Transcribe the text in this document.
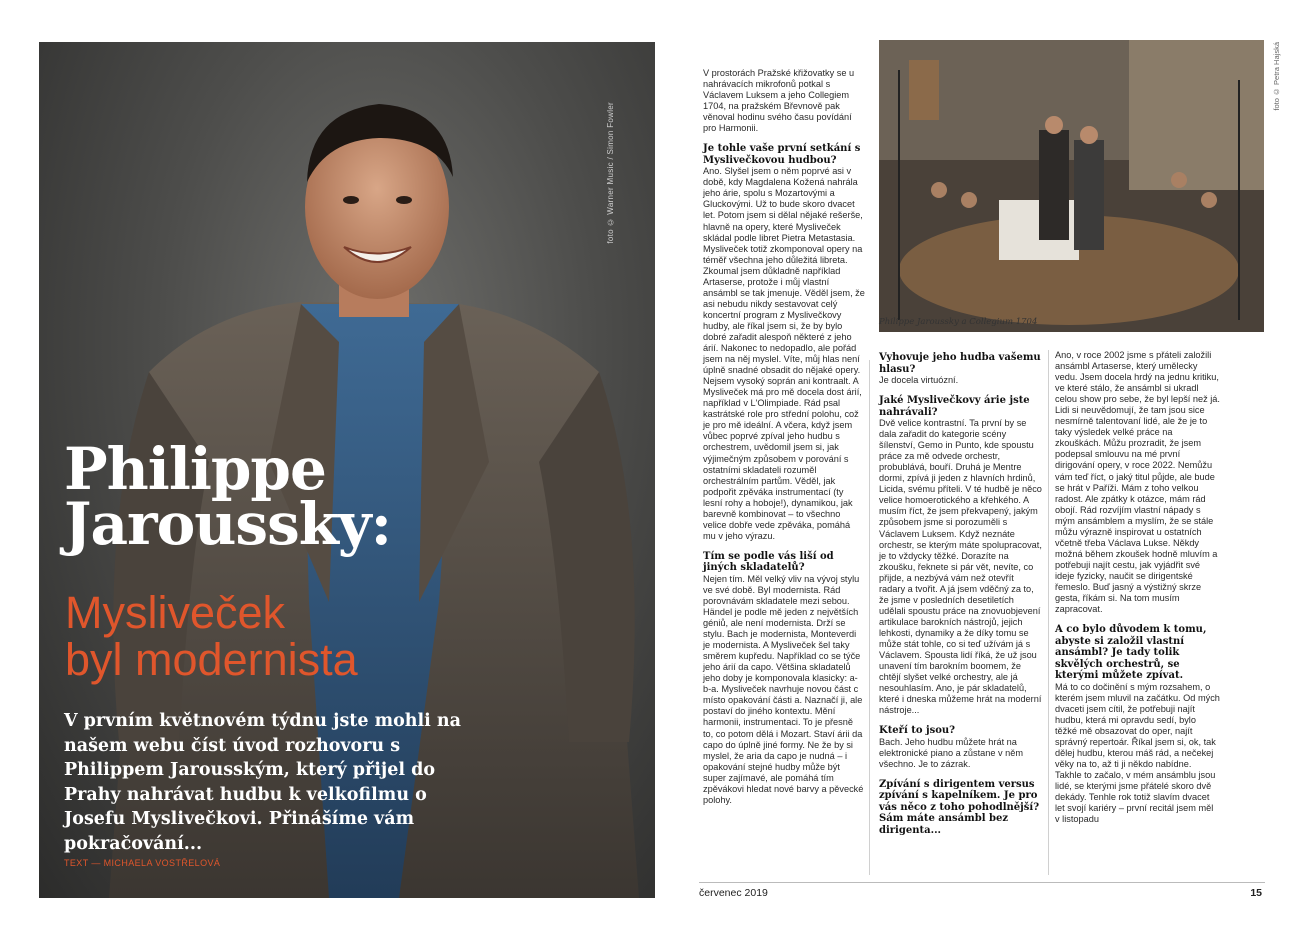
foto © Warner Music / Simon Fowler
Philippe
Jaroussky:
Mysliveček
byl modernista

V prvním květnovém týdnu jste mohli na našem webu číst úvod rozhovoru s Philippem Jarousským, který přijel do Prahy nahrávat hudbu k velkofilmu o Josefu Myslivečkovi. Přinášíme vám pokračování...

TEXT — MICHAELA VOSTŘELOVÁ

V prostorách Pražské křižovatky se u nahrávacích mikrofonů potkal s Václavem Luksem a jeho Collegiem 1704, na pražském Břevnově pak věnoval hodinu svého času povídání pro Harmonii.

Je tohle vaše první setkání s Myslivečkovou hudbou?

Ano. Slyšel jsem o něm poprvé asi v době, kdy Magdalena Kožená nahrála jeho árie, spolu s Mozartovými a Gluckovými. Už to bude skoro dvacet let. Potom jsem si dělal nějaké rešerše, hlavně na opery, které Mysliveček skládal podle libret Pietra Metastasia. Mysliveček totiž zkomponoval opery na téměř všechna jeho důležitá libreta. Zkoumal jsem důkladně například Artaserse, protože i můj vlastní ansámbl se tak jmenuje. Věděl jsem, že asi nebudu nikdy sestavovat celý koncertní program z Myslivečkovy hudby, ale říkal jsem si, že by bylo dobré zařadit alespoň některé z jeho árií. Nakonec to nedopadlo, ale pořád jsem na něj myslel. Víte, můj hlas není úplně snadné obsadit do nějaké opery. Nejsem vysoký soprán ani kontraalt. A Mysliveček má pro mě docela dost árií, například v L'Olimpiade. Rád psal kastrátské role pro střední polohu, což je pro mě ideální. A včera, když jsem vůbec poprvé zpíval jeho hudbu s orchestrem, uvědomil jsem si, jak výjimečným způsobem v porování s ostatními skladateli rozuměl orchestrálním partům. Věděl, jak podpořit zpěváka instrumentací (ty lesní rohy a hoboje!), dynamikou, jak barevně kombinovat – to všechno velice dobře vede zpěváka, pomáhá mu v jeho výrazu.

Tím se podle vás liší od jiných skladatelů?

Nejen tím. Měl velký vliv na vývoj stylu ve své době. Byl modernista. Rád porovnávám skladatele mezi sebou. Händel je podle mě jeden z největších géniů, ale není modernista. Drží se stylu. Bach je modernista, Monteverdi je modernista. A Mysliveček šel taky směrem kupředu. Například co se týče jeho árií da capo. Většina skladatelů jeho doby je komponovala klasicky: a-b-a. Mysliveček navrhuje novou část c místo opakování části a. Naznačí ji, ale postaví do jiného kontextu. Mění harmonii, instrumentaci. To je přesně to, co potom dělá i Mozart. Staví árii da capo do úplně jiné formy. Ne že by si myslel, že aria da capo je nudná – i opakování stejné hudby může být super zajímavé, ale pomáhá tím zpěvákovi hledat nové barvy a pěvecké polohy.

foto © Petra Hajská
Philippe Jaroussky a Collegium 1704

Vyhovuje jeho hudba vašemu hlasu?

Je docela virtuózní.

Jaké Myslivečkovy árie jste nahrávali?

Dvě velice kontrastní. Ta první by se dala zařadit do kategorie scény šílenství, Gemo in Punto, kde spoustu práce za mě odvede orchestr, probublává, bouří. Druhá je Mentre dormi, zpívá ji jeden z hlavních hrdinů, Licida, svému příteli. V té hudbě je něco velice homoerotického a křehkého. A musím říct, že jsem překvapený, jakým způsobem jsme si porozuměli s Václavem Luksem. Když neznáte orchestr, se kterým máte spolupracovat, je to vždycky těžké. Dorazíte na zkoušku, řeknete si pár vět, nevíte, co přijde, a nezbývá vám než otevřít radary a tvořit. A já jsem vděčný za to, že jsme v posledních desetiletích udělali spoustu práce na znovuobjevení artikulace barokních nástrojů, jejich lehkosti, dynamiky a že díky tomu se může stát tohle, co si teď užívám já s Václavem. Spousta lidí říká, že už jsou unavení tím barokním boomem, že chtějí slyšet velké orchestry, ale já nesouhlasím. Ano, je pár skladatelů, které i dneska můžeme hrát na moderní nástroje...

Kteří to jsou?

Bach. Jeho hudbu můžete hrát na elektronické piano a zůstane v něm všechno. Je to zázrak.

Zpívání s dirigentem versus zpívání s kapelníkem. Je pro vás něco z toho pohodlnější? Sám máte ansámbl bez dirigenta...

Ano, v roce 2002 jsme s přáteli založili ansámbl Artaserse, který umělecky vedu. Jsem docela hrdý na jednu kritiku, ve které stálo, že ansámbl si ukradl celou show pro sebe, že byl lepší než já. Lidi si neuvědomují, že tam jsou sice nesmírně talentovaní lidé, ale že je to taky výsledek velké práce na zkouškách. Můžu prozradit, že jsem podepsal smlouvu na mé první dirigování opery, v roce 2022. Nemůžu vám teď říct, o jaký titul půjde, ale bude se hrát v Paříži. Mám z toho velkou radost. Ale zpátky k otázce, mám rád obojí. Rád rozvíjím vlastní nápady s mým ansámblem a myslím, že se stále můžu výrazně inspirovat u ostatních včetně třeba Václava Lukse. Někdy možná během zkoušek hodně mluvím a potřebuji najít cestu, jak vyjádřit své ideje fyzicky, naučit se dirigentské řemeslo. Buď jasný a výstižný skrze gesta, říkám si. Na tom musím zapracovat.

A co bylo důvodem k tomu, abyste si založil vlastní ansámbl? Je tady tolik skvělých orchestrů, se kterými můžete zpívat.

Má to co dočinění s mým rozsahem, o kterém jsem mluvil na začátku. Od mých dvaceti jsem cítil, že potřebuji najít hudbu, která mi opravdu sedí, bylo těžké mě obsazovat do oper, najít správný repertoár. Říkal jsem si, ok, tak dělej hudbu, kterou máš rád, a nečekej věky na to, až ti ji někdo nabídne. Takhle to začalo, v mém ansámblu jsou lidé, se kterými jsme přátelé skoro dvě dekády. Tenhle rok totiž slavím dvacet let svojí kariéry – první recitál jsem měl v listopadu

červenec 2019	15
